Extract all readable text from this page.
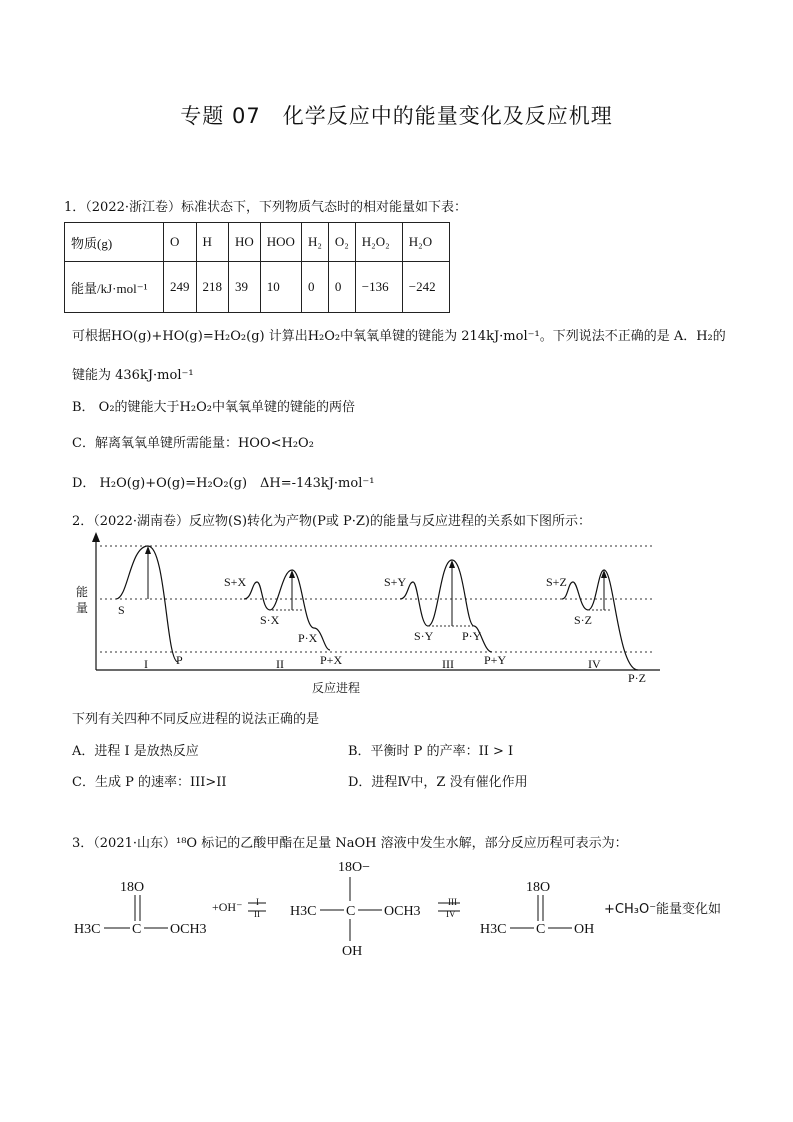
专题 07　化学反应中的能量变化及反应机理
1．（2022·浙江卷）标准状态下，下列物质气态时的相对能量如下表：
物质(g)	O	H	HO	HOO	H₂	O₂	H₂O₂	H₂O
能量/kJ·mol⁻¹	249	218	39	10	0	0	−136	−242
可根据HO(g)+HO(g)=H₂O₂(g) 计算出H₂O₂中氧氧单键的键能为 214kJ·mol⁻¹。下列说法不正确的是 A．H₂的
键能为 436kJ·mol⁻¹
B． O₂的键能大于H₂O₂中氧氧单键的键能的两倍
C．解离氧氧单键所需能量：HOO<H₂O₂
D． H₂O(g)+O(g)=H₂O₂(g)　ΔH=-143kJ·mol⁻¹
2．（2022·湖南卷）反应物(S)转化为产物(P或 P·Z)的能量与反应进程的关系如下图所示：
能
量 S
P
S+X
S·X
P·X
P+X
S+Y
S·Y P·Y
P+Y
S+Z
S·Z
P·Z
I	II	III	IV
反应进程
下列有关四种不同反应进程的说法正确的是
A．进程 I 是放热反应	B．平衡时 P 的产率：II > I
C．生成 P 的速率：III>II	D．进程Ⅳ中，Z 没有催化作用
3．（2021·山东）¹⁸O 标记的乙酸甲酯在足量 NaOH 溶液中发生水解，部分反应历程可表示为：
18O
H3C C OCH3
+OH⁻ I
II
18O−
H3C C OCH3
OH
III
IV
18O
H3C C OH
+CH₃O⁻能量变化如
